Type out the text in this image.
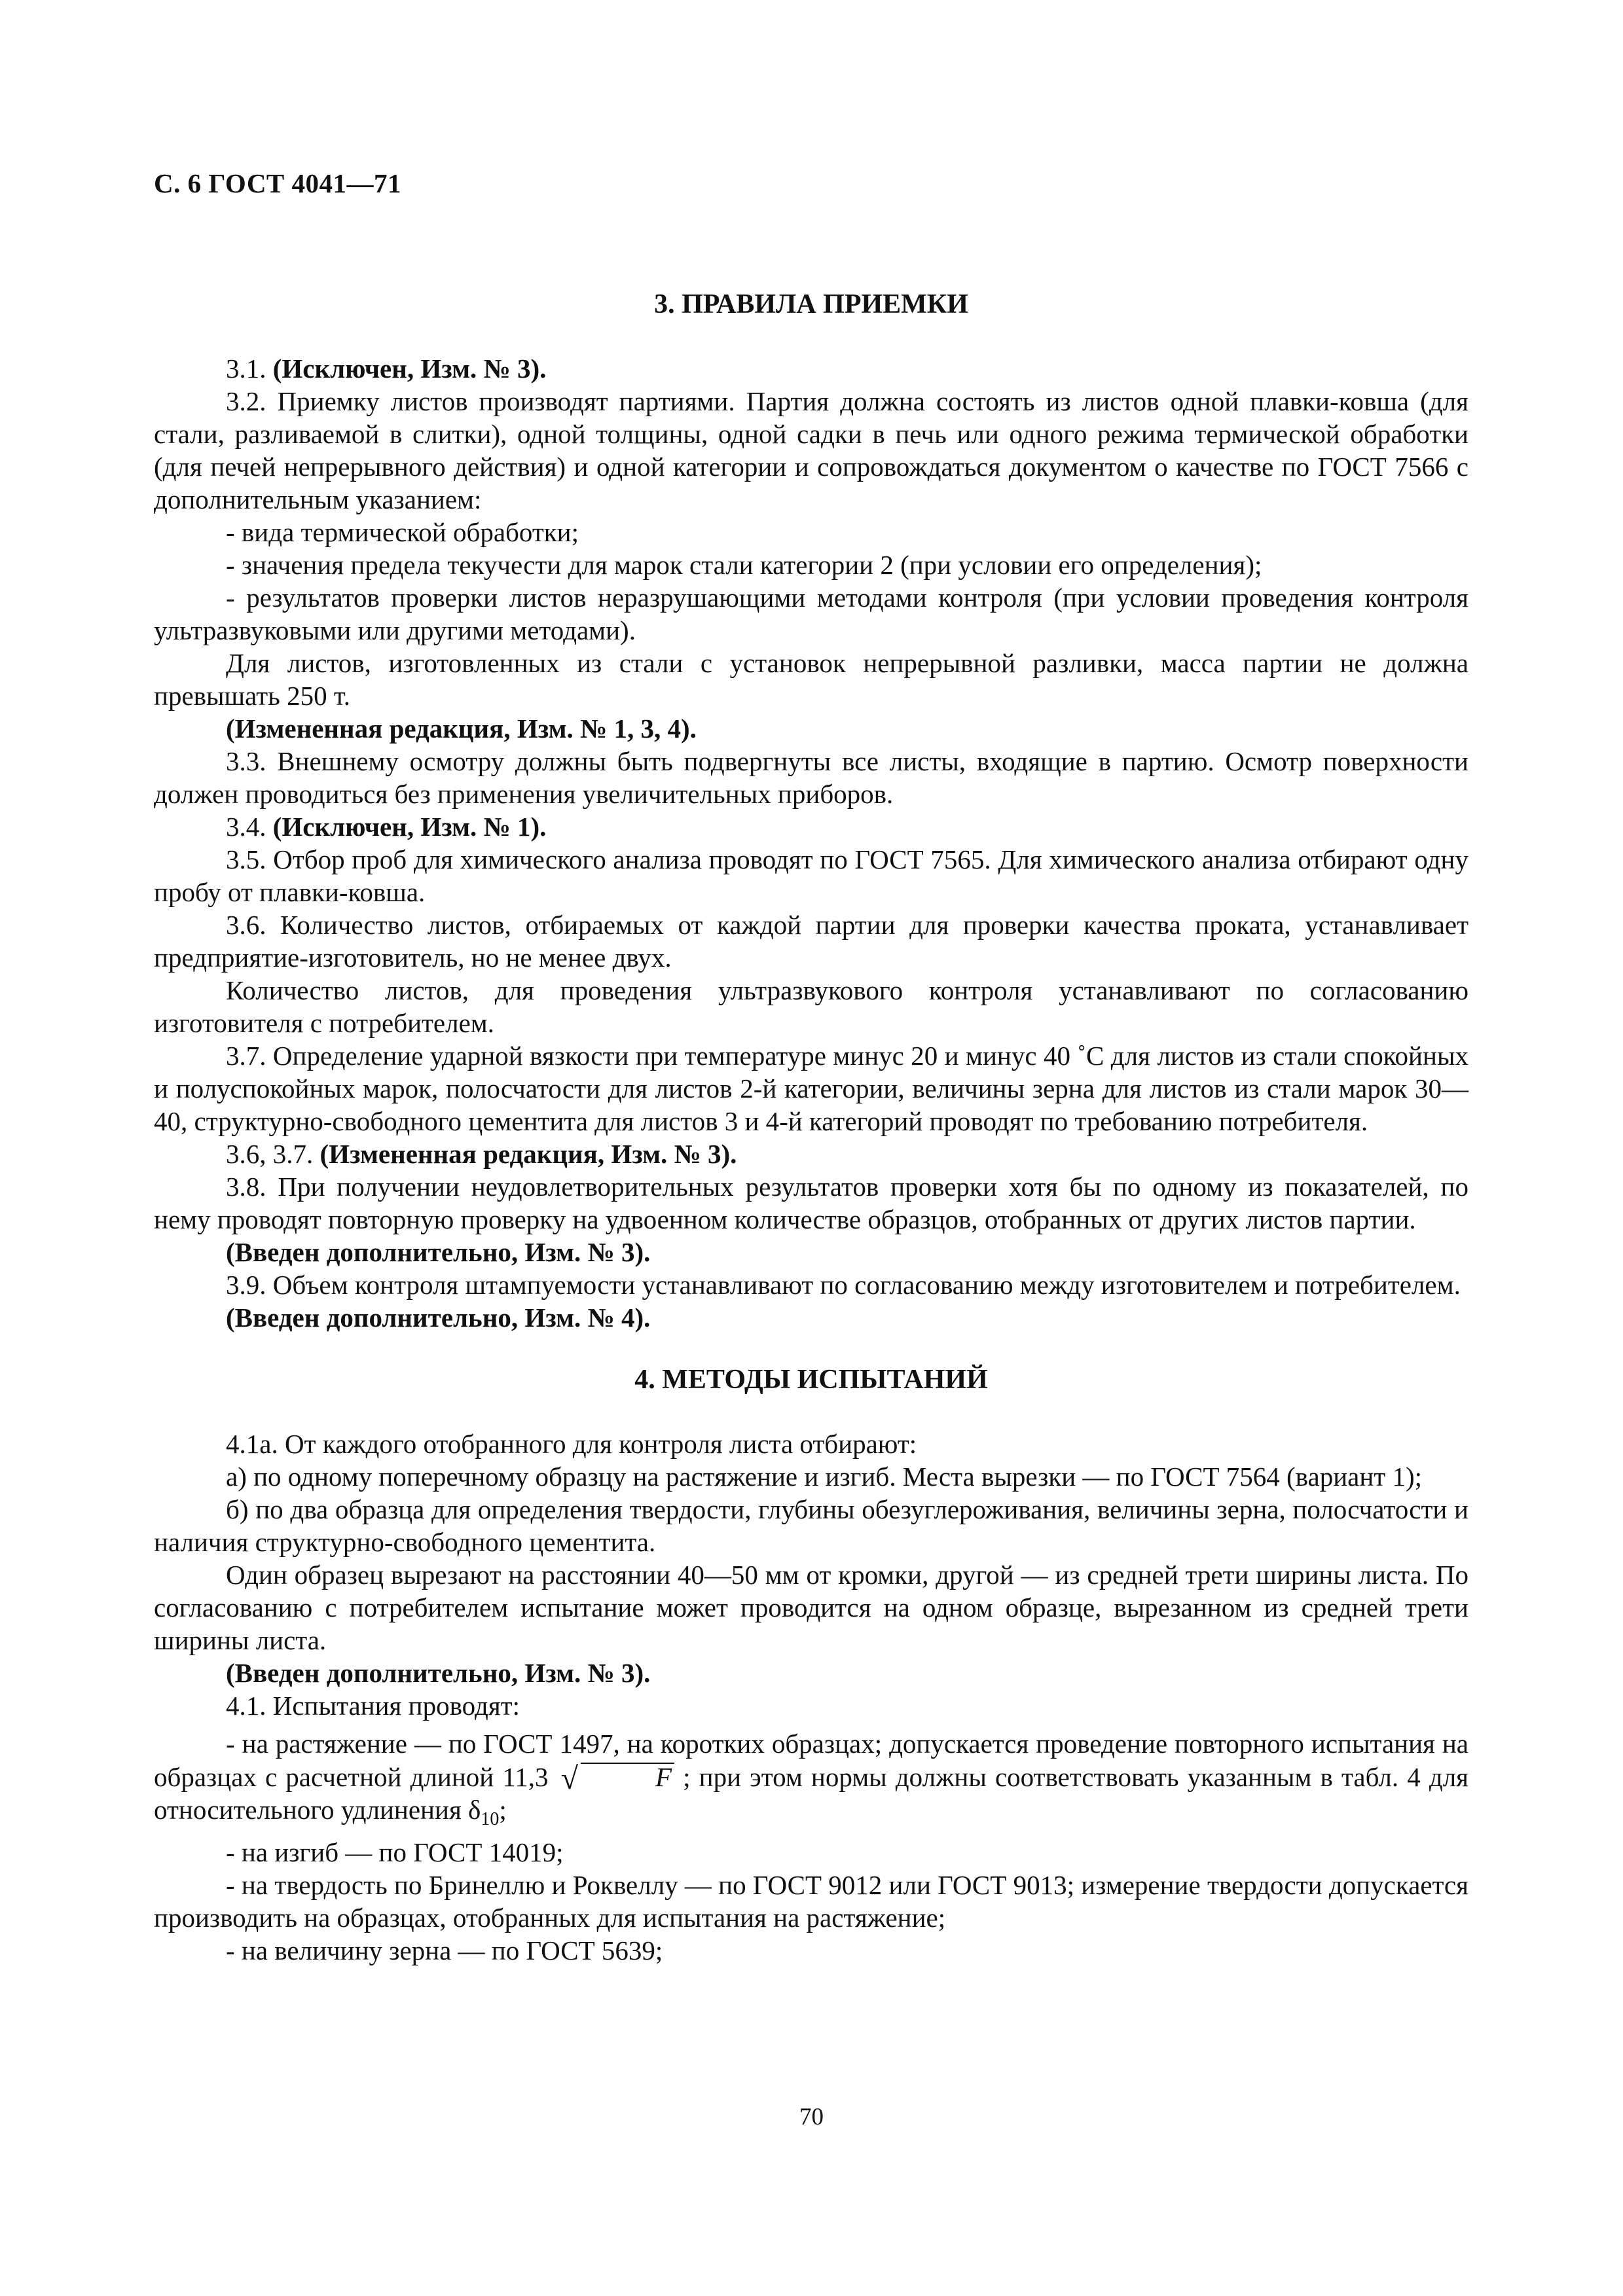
С. 6 ГОСТ 4041—71

3. ПРАВИЛА ПРИЕМКИ

3.1. (Исключен, Изм. № 3).

3.2. Приемку листов производят партиями. Партия должна состоять из листов одной плавки-ковша (для стали, разливаемой в слитки), одной толщины, одной садки в печь или одного режима термической обработки (для печей непрерывного действия) и одной категории и сопровождаться документом о качестве по ГОСТ 7566 с дополнительным указанием:

- вида термической обработки;

- значения предела текучести для марок стали категории 2 (при условии его определения);

- результатов проверки листов неразрушающими методами контроля (при условии проведения контроля ультразвуковыми или другими методами).

Для листов, изготовленных из стали с установок непрерывной разливки, масса партии не должна превышать 250 т.

(Измененная редакция, Изм. № 1, 3, 4).

3.3. Внешнему осмотру должны быть подвергнуты все листы, входящие в партию. Осмотр поверхности должен проводиться без применения увеличительных приборов.

3.4. (Исключен, Изм. № 1).

3.5. Отбор проб для химического анализа проводят по ГОСТ 7565. Для химического анализа отбирают одну пробу от плавки-ковша.

3.6. Количество листов, отбираемых от каждой партии для проверки качества проката, устанавливает предприятие-изготовитель, но не менее двух.

Количество листов, для проведения ультразвукового контроля устанавливают по согласованию изготовителя с потребителем.

3.7. Определение ударной вязкости при температуре минус 20 и минус 40 ˚С для листов из стали спокойных и полуспокойных марок, полосчатости для листов 2-й категории, величины зерна для листов из стали марок 30—40, структурно-свободного цементита для листов 3 и 4-й категорий проводят по требованию потребителя.

3.6, 3.7. (Измененная редакция, Изм. № 3).

3.8. При получении неудовлетворительных результатов проверки хотя бы по одному из показателей, по нему проводят повторную проверку на удвоенном количестве образцов, отобранных от других листов партии.

(Введен дополнительно, Изм. № 3).

3.9. Объем контроля штампуемости устанавливают по согласованию между изготовителем и потребителем.

(Введен дополнительно, Изм. № 4).

4. МЕТОДЫ ИСПЫТАНИЙ

4.1а. От каждого отобранного для контроля листа отбирают:

а) по одному поперечному образцу на растяжение и изгиб. Места вырезки — по ГОСТ 7564 (вариант 1);

б) по два образца для определения твердости, глубины обезуглероживания, величины зерна, полосчатости и наличия структурно-свободного цементита.

Один образец вырезают на расстоянии 40—50 мм от кромки, другой — из средней трети ширины листа. По согласованию с потребителем испытание может проводится на одном образце, вырезанном из средней трети ширины листа.

(Введен дополнительно, Изм. № 3).

4.1. Испытания проводят:

- на растяжение — по ГОСТ 1497, на коротких образцах; допускается проведение повторного испытания на образцах с расчетной длиной 11,3 √	F ; при этом нормы должны соответствовать указанным в табл. 4 для относительного удлинения $\delta_{10}$;

- на изгиб — по ГОСТ 14019;

- на твердость по Бринеллю и Роквеллу — по ГОСТ 9012 или ГОСТ 9013; измерение твердости допускается производить на образцах, отобранных для испытания на растяжение;

- на величину зерна — по ГОСТ 5639;

70
